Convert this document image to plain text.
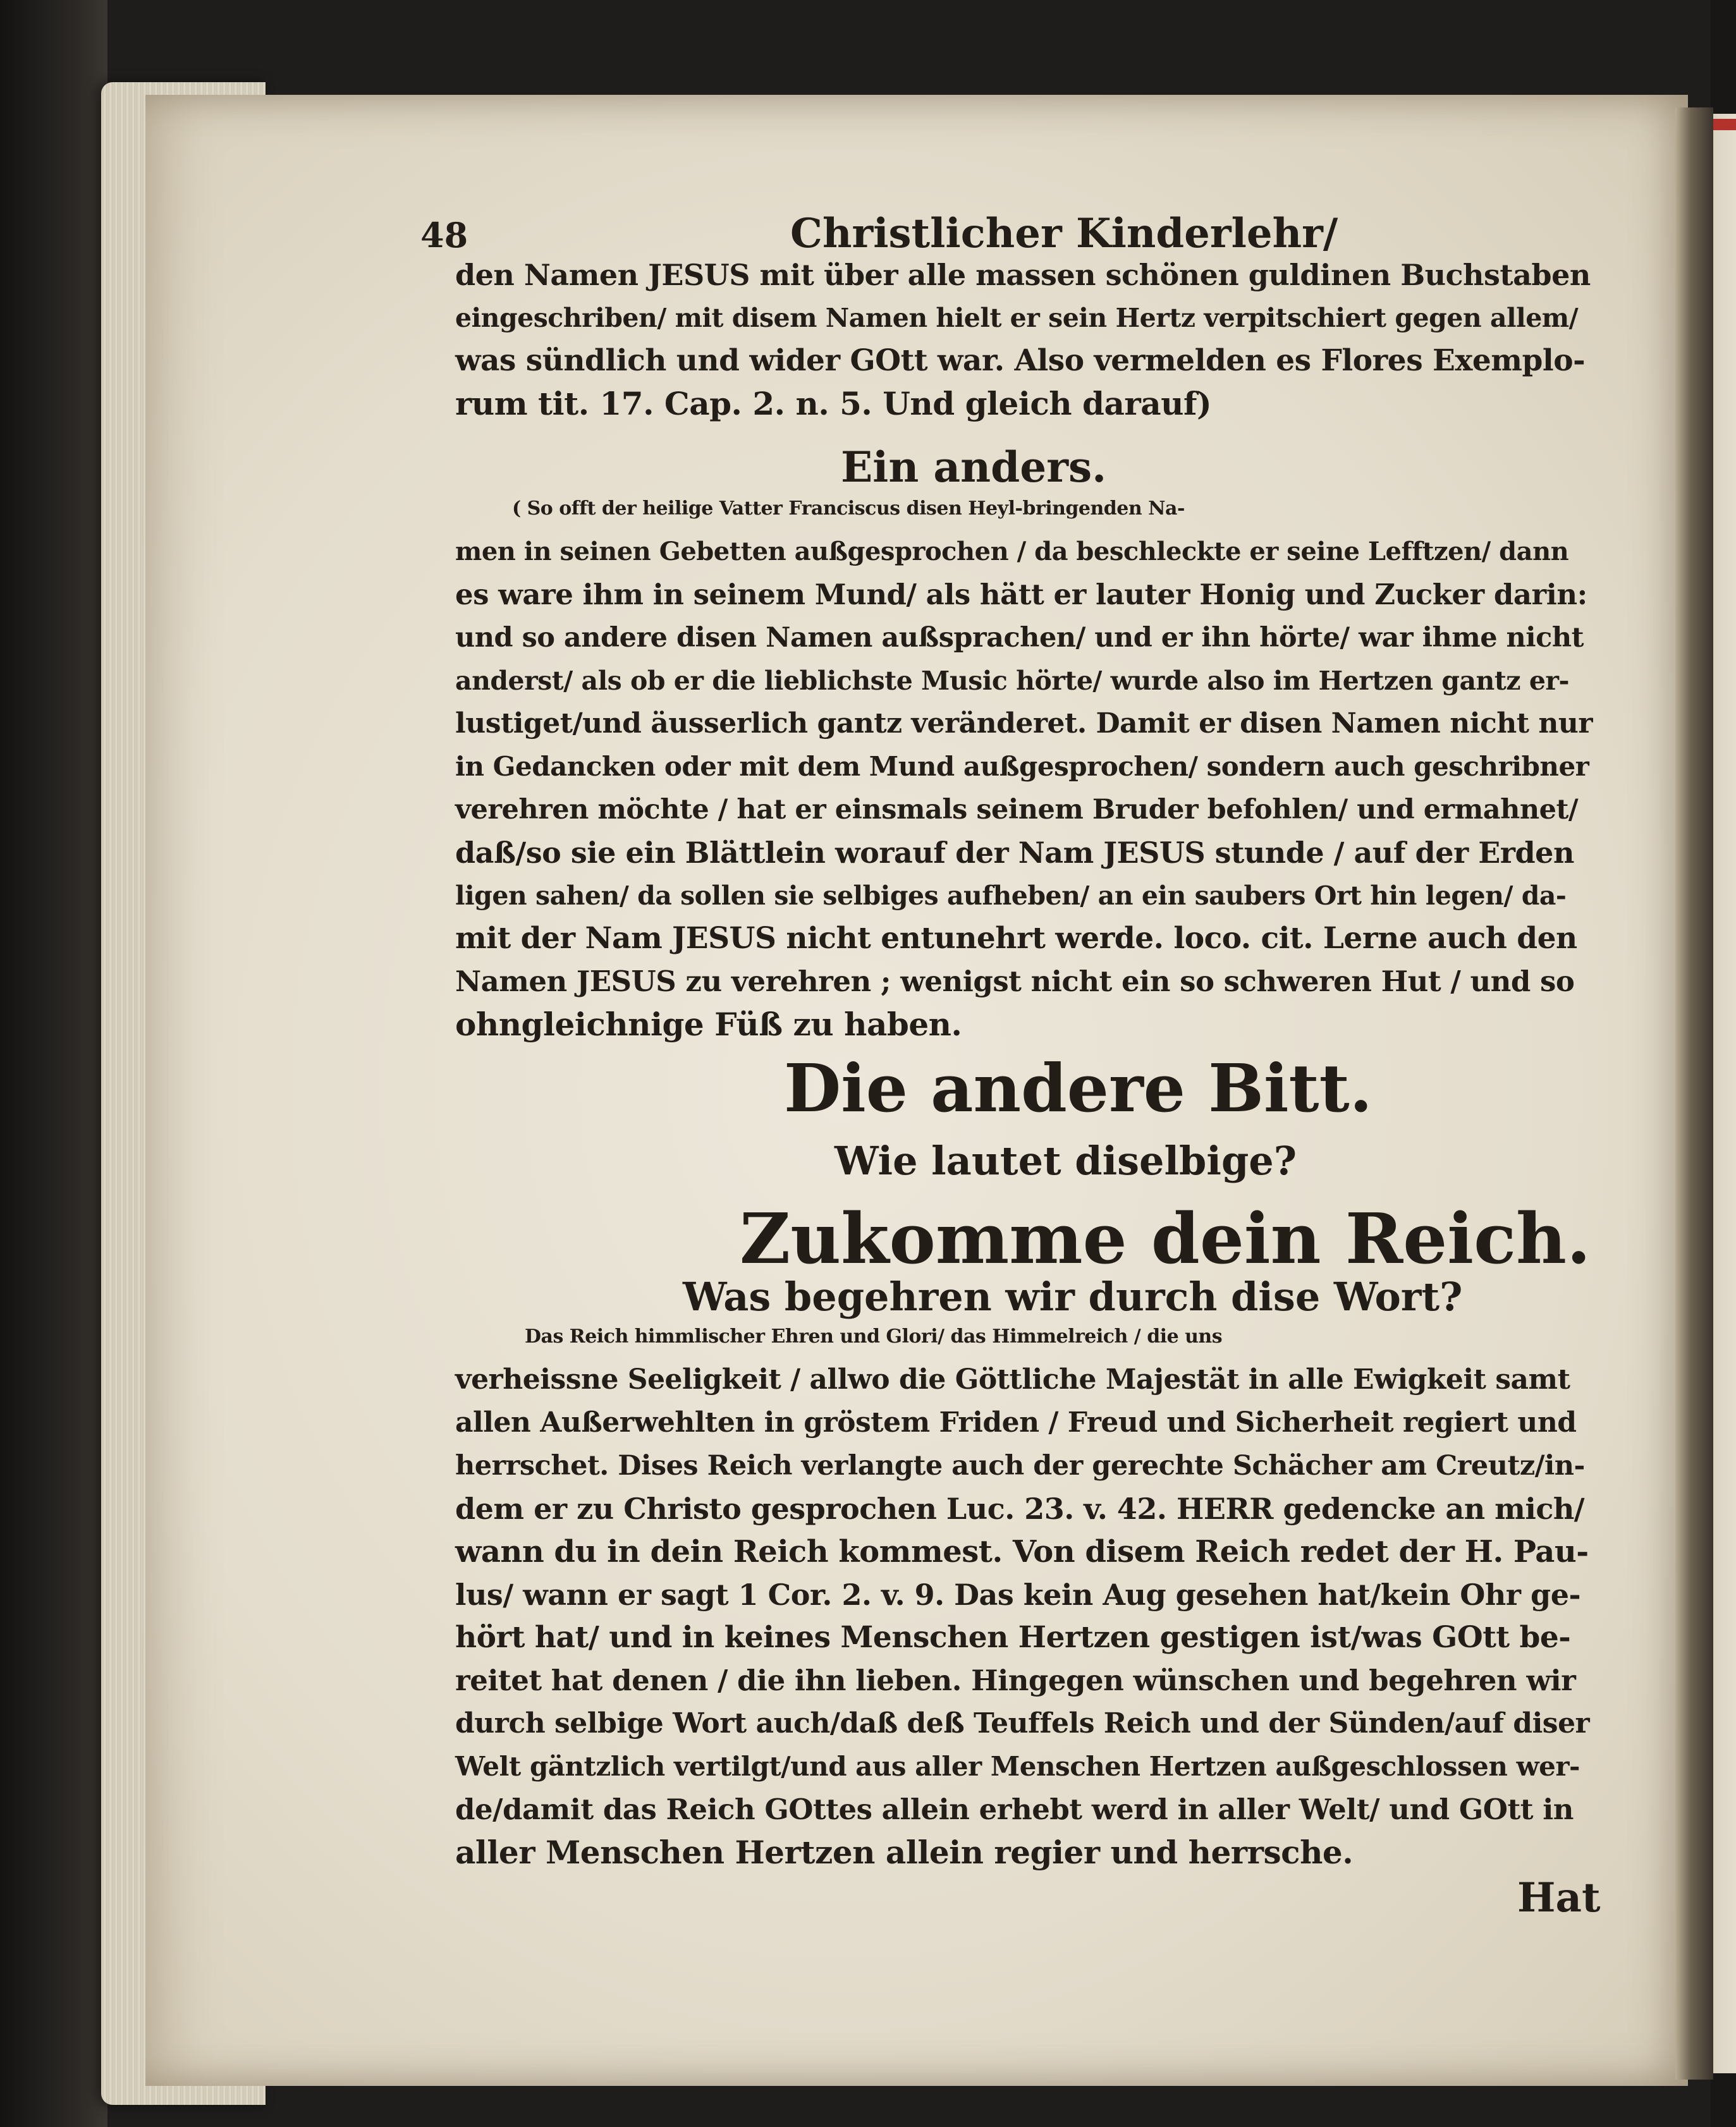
48	Christlicher Kinderlehr/
den Namen JESUS mit über alle massen schönen guldinen Buchstaben
eingeschriben/ mit disem Namen hielt er sein Hertz verpitschiert gegen allem/
was sündlich und wider GOtt war. Also vermelden es Flores Exemplo-
rum tit. 17. Cap. 2. n. 5. Und gleich darauf)
Ein anders.
( So offt der heilige Vatter Franciscus disen Heyl-bringenden Na-
men in seinen Gebetten außgesprochen / da beschleckte er seine Lefftzen/ dann
es ware ihm in seinem Mund/ als hätt er lauter Honig und Zucker darin:
und so andere disen Namen außsprachen/ und er ihn hörte/ war ihme nicht
anderst/ als ob er die lieblichste Music hörte/ wurde also im Hertzen gantz er-
lustiget/und äusserlich gantz veränderet. Damit er disen Namen nicht nur
in Gedancken oder mit dem Mund außgesprochen/ sondern auch geschribner
verehren möchte / hat er einsmals seinem Bruder befohlen/ und ermahnet/
daß/so sie ein Blättlein worauf der Nam JESUS stunde / auf der Erden
ligen sahen/ da sollen sie selbiges aufheben/ an ein saubers Ort hin legen/ da-
mit der Nam JESUS nicht entunehrt werde. loco. cit. Lerne auch den
Namen JESUS zu verehren ; wenigst nicht ein so schweren Hut / und so
ohngleichnige Füß zu haben.
Die andere Bitt.
Wie lautet diselbige?
Zukomme dein Reich.
Was begehren wir durch dise Wort?
Das Reich himmlischer Ehren und Glori/ das Himmelreich / die uns
verheissne Seeligkeit / allwo die Göttliche Majestät in alle Ewigkeit samt
allen Außerwehlten in gröstem Friden / Freud und Sicherheit regiert und
herrschet. Dises Reich verlangte auch der gerechte Schächer am Creutz/in-
dem er zu Christo gesprochen Luc. 23. v. 42. HERR gedencke an mich/
wann du in dein Reich kommest. Von disem Reich redet der H. Pau-
lus/ wann er sagt 1 Cor. 2. v. 9. Das kein Aug gesehen hat/kein Ohr ge-
hört hat/ und in keines Menschen Hertzen gestigen ist/was GOtt be-
reitet hat denen / die ihn lieben. Hingegen wünschen und begehren wir
durch selbige Wort auch/daß deß Teuffels Reich und der Sünden/auf diser
Welt gäntzlich vertilgt/und aus aller Menschen Hertzen außgeschlossen wer-
de/damit das Reich GOttes allein erhebt werd in aller Welt/ und GOtt in
aller Menschen Hertzen allein regier und herrsche.
Hat
